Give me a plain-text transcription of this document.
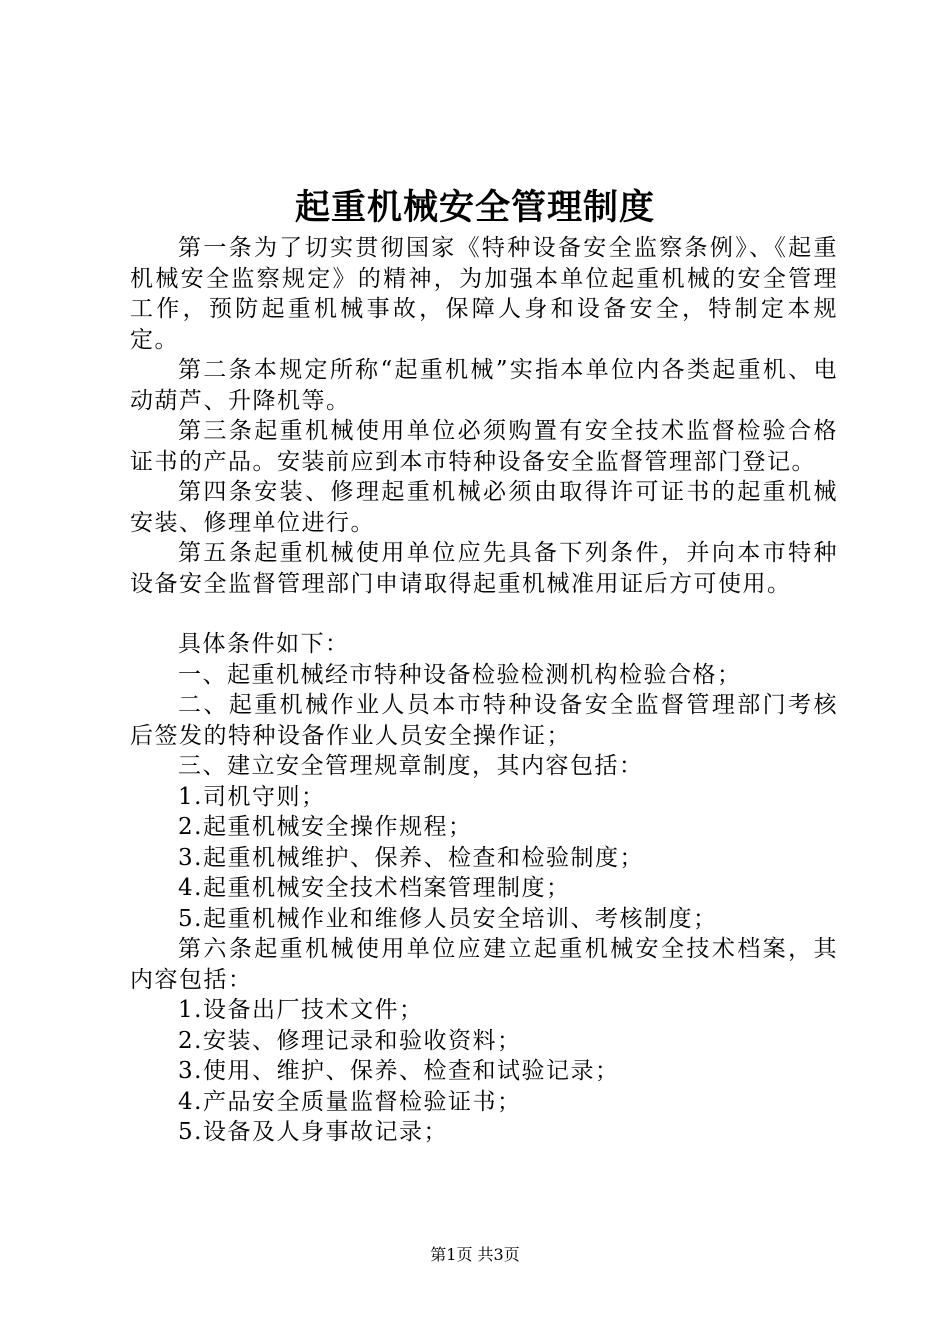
起重机械安全管理制度

第一条为了切实贯彻国家《特种设备安全监察条例》、《起重机械安全监察规定》的精神，为加强本单位起重机械的安全管理工作，预防起重机械事故，保障人身和设备安全，特制定本规定。

第二条本规定所称“起重机械”实指本单位内各类起重机、电动葫芦、升降机等。

第三条起重机械使用单位必须购置有安全技术监督检验合格证书的产品。安装前应到本市特种设备安全监督管理部门登记。

第四条安装、修理起重机械必须由取得许可证书的起重机械安装、修理单位进行。

第五条起重机械使用单位应先具备下列条件，并向本市特种设备安全监督管理部门申请取得起重机械准用证后方可使用。

具体条件如下：

一、起重机械经市特种设备检验检测机构检验合格；

二、起重机械作业人员本市特种设备安全监督管理部门考核后签发的特种设备作业人员安全操作证；

三、建立安全管理规章制度，其内容包括：

1.司机守则；

2.起重机械安全操作规程；

3.起重机械维护、保养、检查和检验制度；

4.起重机械安全技术档案管理制度；

5.起重机械作业和维修人员安全培训、考核制度；

第六条起重机械使用单位应建立起重机械安全技术档案，其内容包括：

1.设备出厂技术文件；

2.安装、修理记录和验收资料；

3.使用、维护、保养、检查和试验记录；

4.产品安全质量监督检验证书；

5.设备及人身事故记录；

第1页 共3页
